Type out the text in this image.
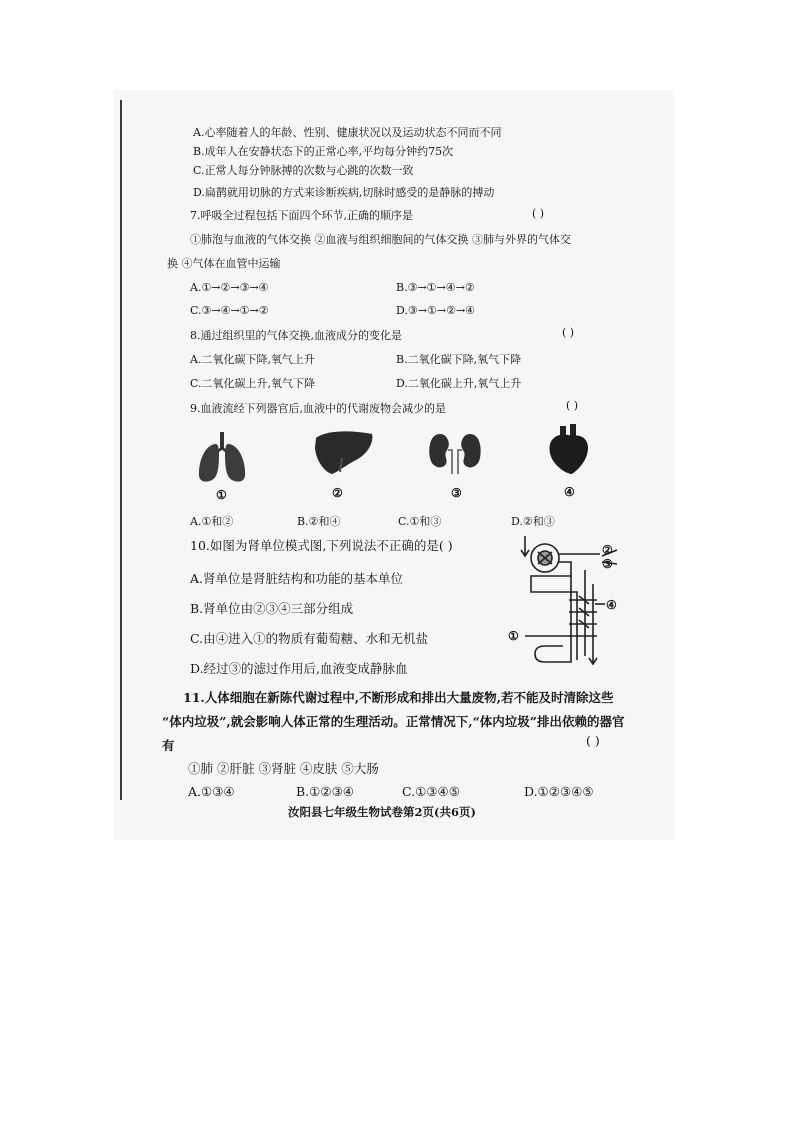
A.心率随着人的年龄、性别、健康状况以及运动状态不同而不同
B.成年人在安静状态下的正常心率,平均每分钟约75次
C.正常人每分钟脉搏的次数与心跳的次数一致
D.扁鹊就用切脉的方式来诊断疾病,切脉时感受的是静脉的搏动
7.呼吸全过程包括下面四个环节,正确的顺序是	( )
①肺泡与血液的气体交换 ②血液与组织细胞间的气体交换 ③肺与外界的气体交
换 ④气体在血管中运输
A.①→②→③→④	B.③→①→④→②
C.③→④→①→②	D.③→①→②→④
8.通过组织里的气体交换,血液成分的变化是	( )
A.二氧化碳下降,氧气上升	B.二氧化碳下降,氧气下降
C.二氧化碳上升,氧气下降	D.二氧化碳上升,氧气上升
9.血液流经下列器官后,血液中的代谢废物会减少的是	( )
①	②	③	④
A.①和②	B.②和④	C.①和③	D.②和③
10.如图为肾单位模式图,下列说法不正确的是( )
A.肾单位是肾脏结构和功能的基本单位
B.肾单位由②③④三部分组成
C.由④进入①的物质有葡萄糖、水和无机盐
D.经过③的滤过作用后,血液变成静脉血
②
③
④
①
11.人体细胞在新陈代谢过程中,不断形成和排出大量废物,若不能及时清除这些
“体内垃圾”,就会影响人体正常的生理活动。正常情况下,“体内垃圾”排出依赖的器官
有	( )
①肺 ②肝脏 ③肾脏 ④皮肤 ⑤大肠
A.①③④	B.①②③④	C.①③④⑤	D.①②③④⑤
汝阳县七年级生物试卷第2页(共6页)
